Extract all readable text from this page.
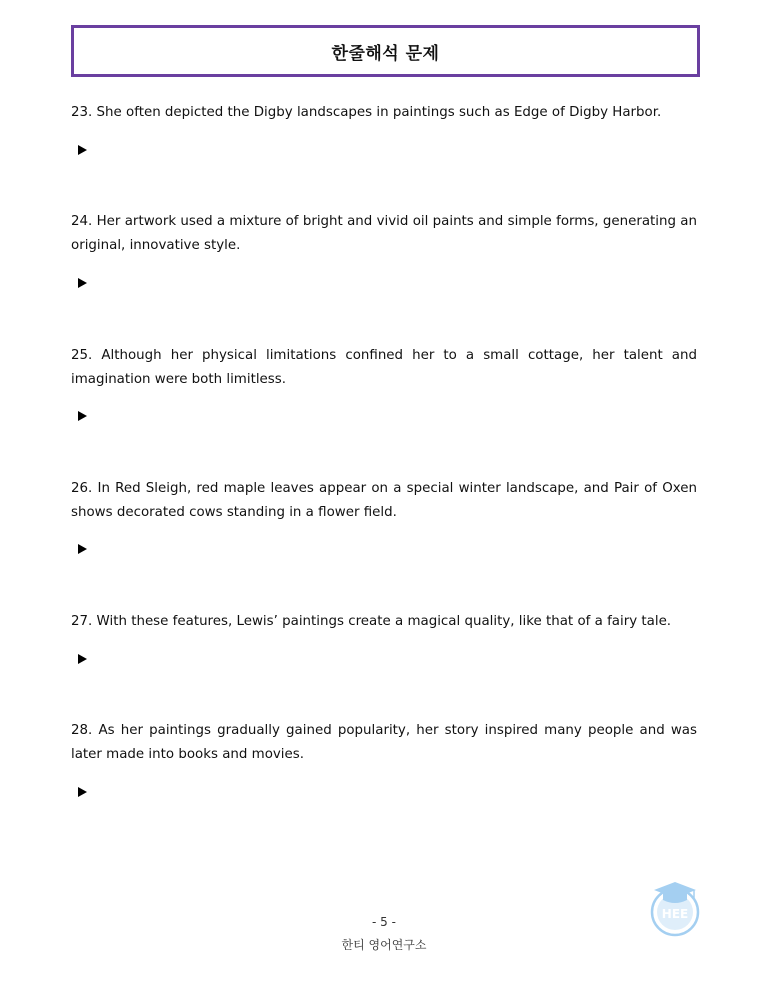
한줄해석 문제

23. She often depicted the Digby landscapes in paintings such as Edge of Digby Harbor.

24. Her artwork used a mixture of bright and vivid oil paints and simple forms, generating an original, innovative style.

25. Although her physical limitations confined her to a small cottage, her talent and imagination were both limitless.

26. In Red Sleigh, red maple leaves appear on a special winter landscape, and Pair of Oxen shows decorated cows standing in a flower field.

27. With these features, Lewis’ paintings create a magical quality, like that of a fairy tale.

28. As her paintings gradually gained popularity, her story inspired many people and was later made into books and movies.

- 5 -
한티 영어연구소
HEE
